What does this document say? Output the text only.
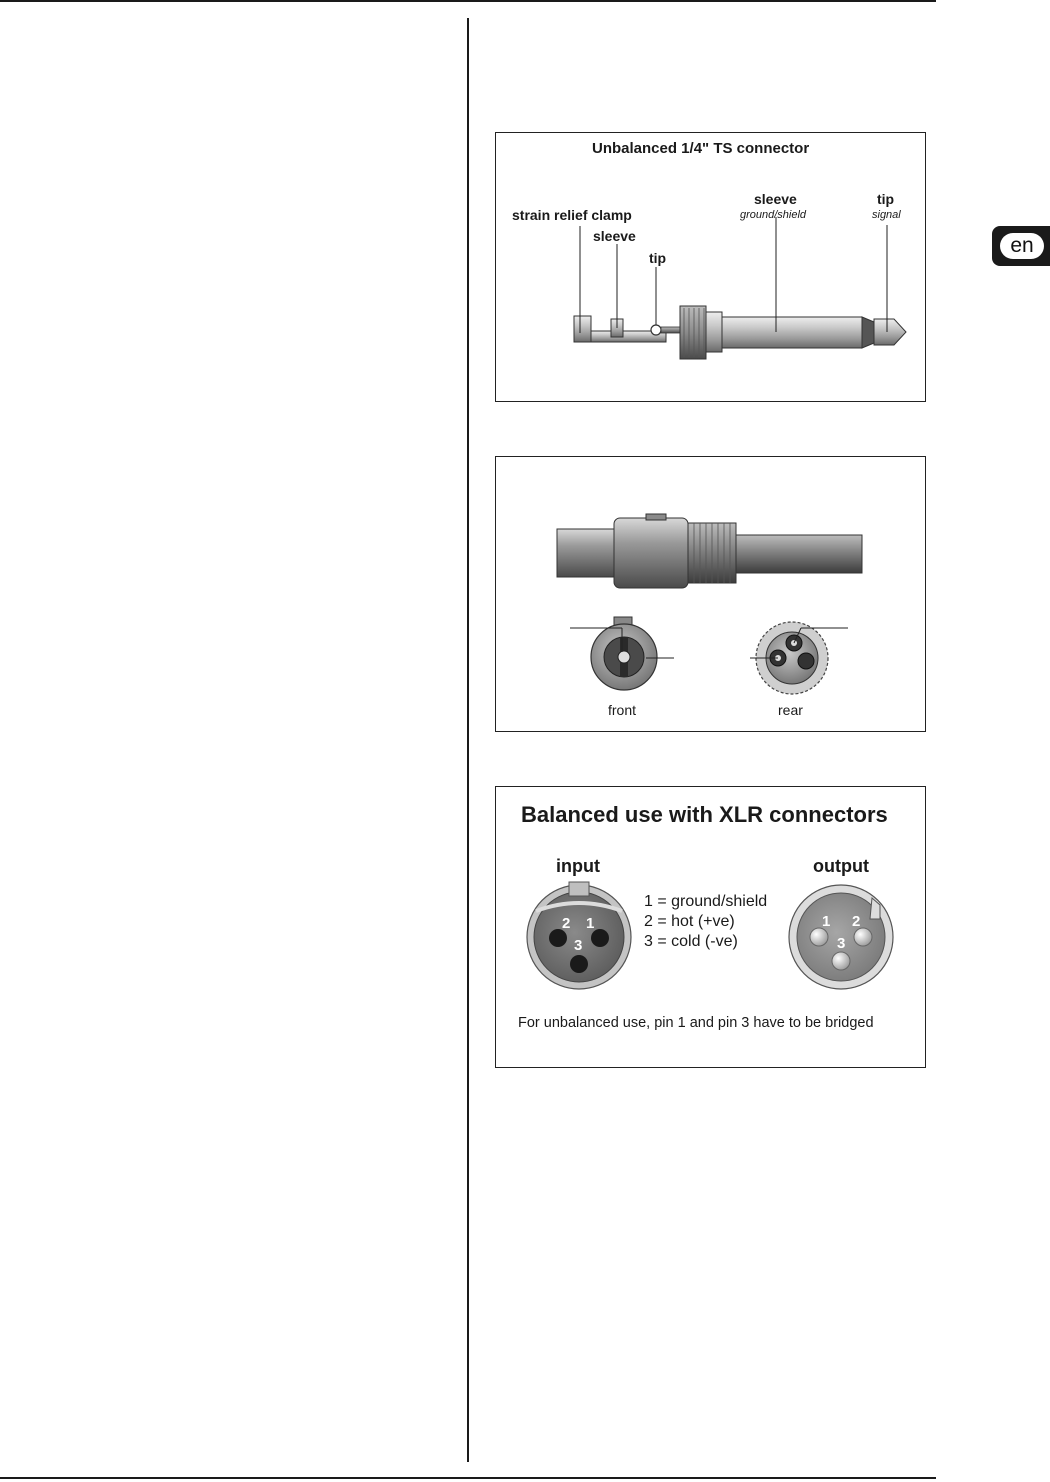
en
Unbalanced 1/4" TS connector
sleeve
ground/shield
tip
signal
strain relief clamp
sleeve
tip
front	rear
Balanced use with XLR connectors
input	output
1 = ground/shield
2 = hot (+ve)
3 = cold (-ve)
2 1
3
1 2
3
For unbalanced use, pin 1 and pin 3 have to be bridged
